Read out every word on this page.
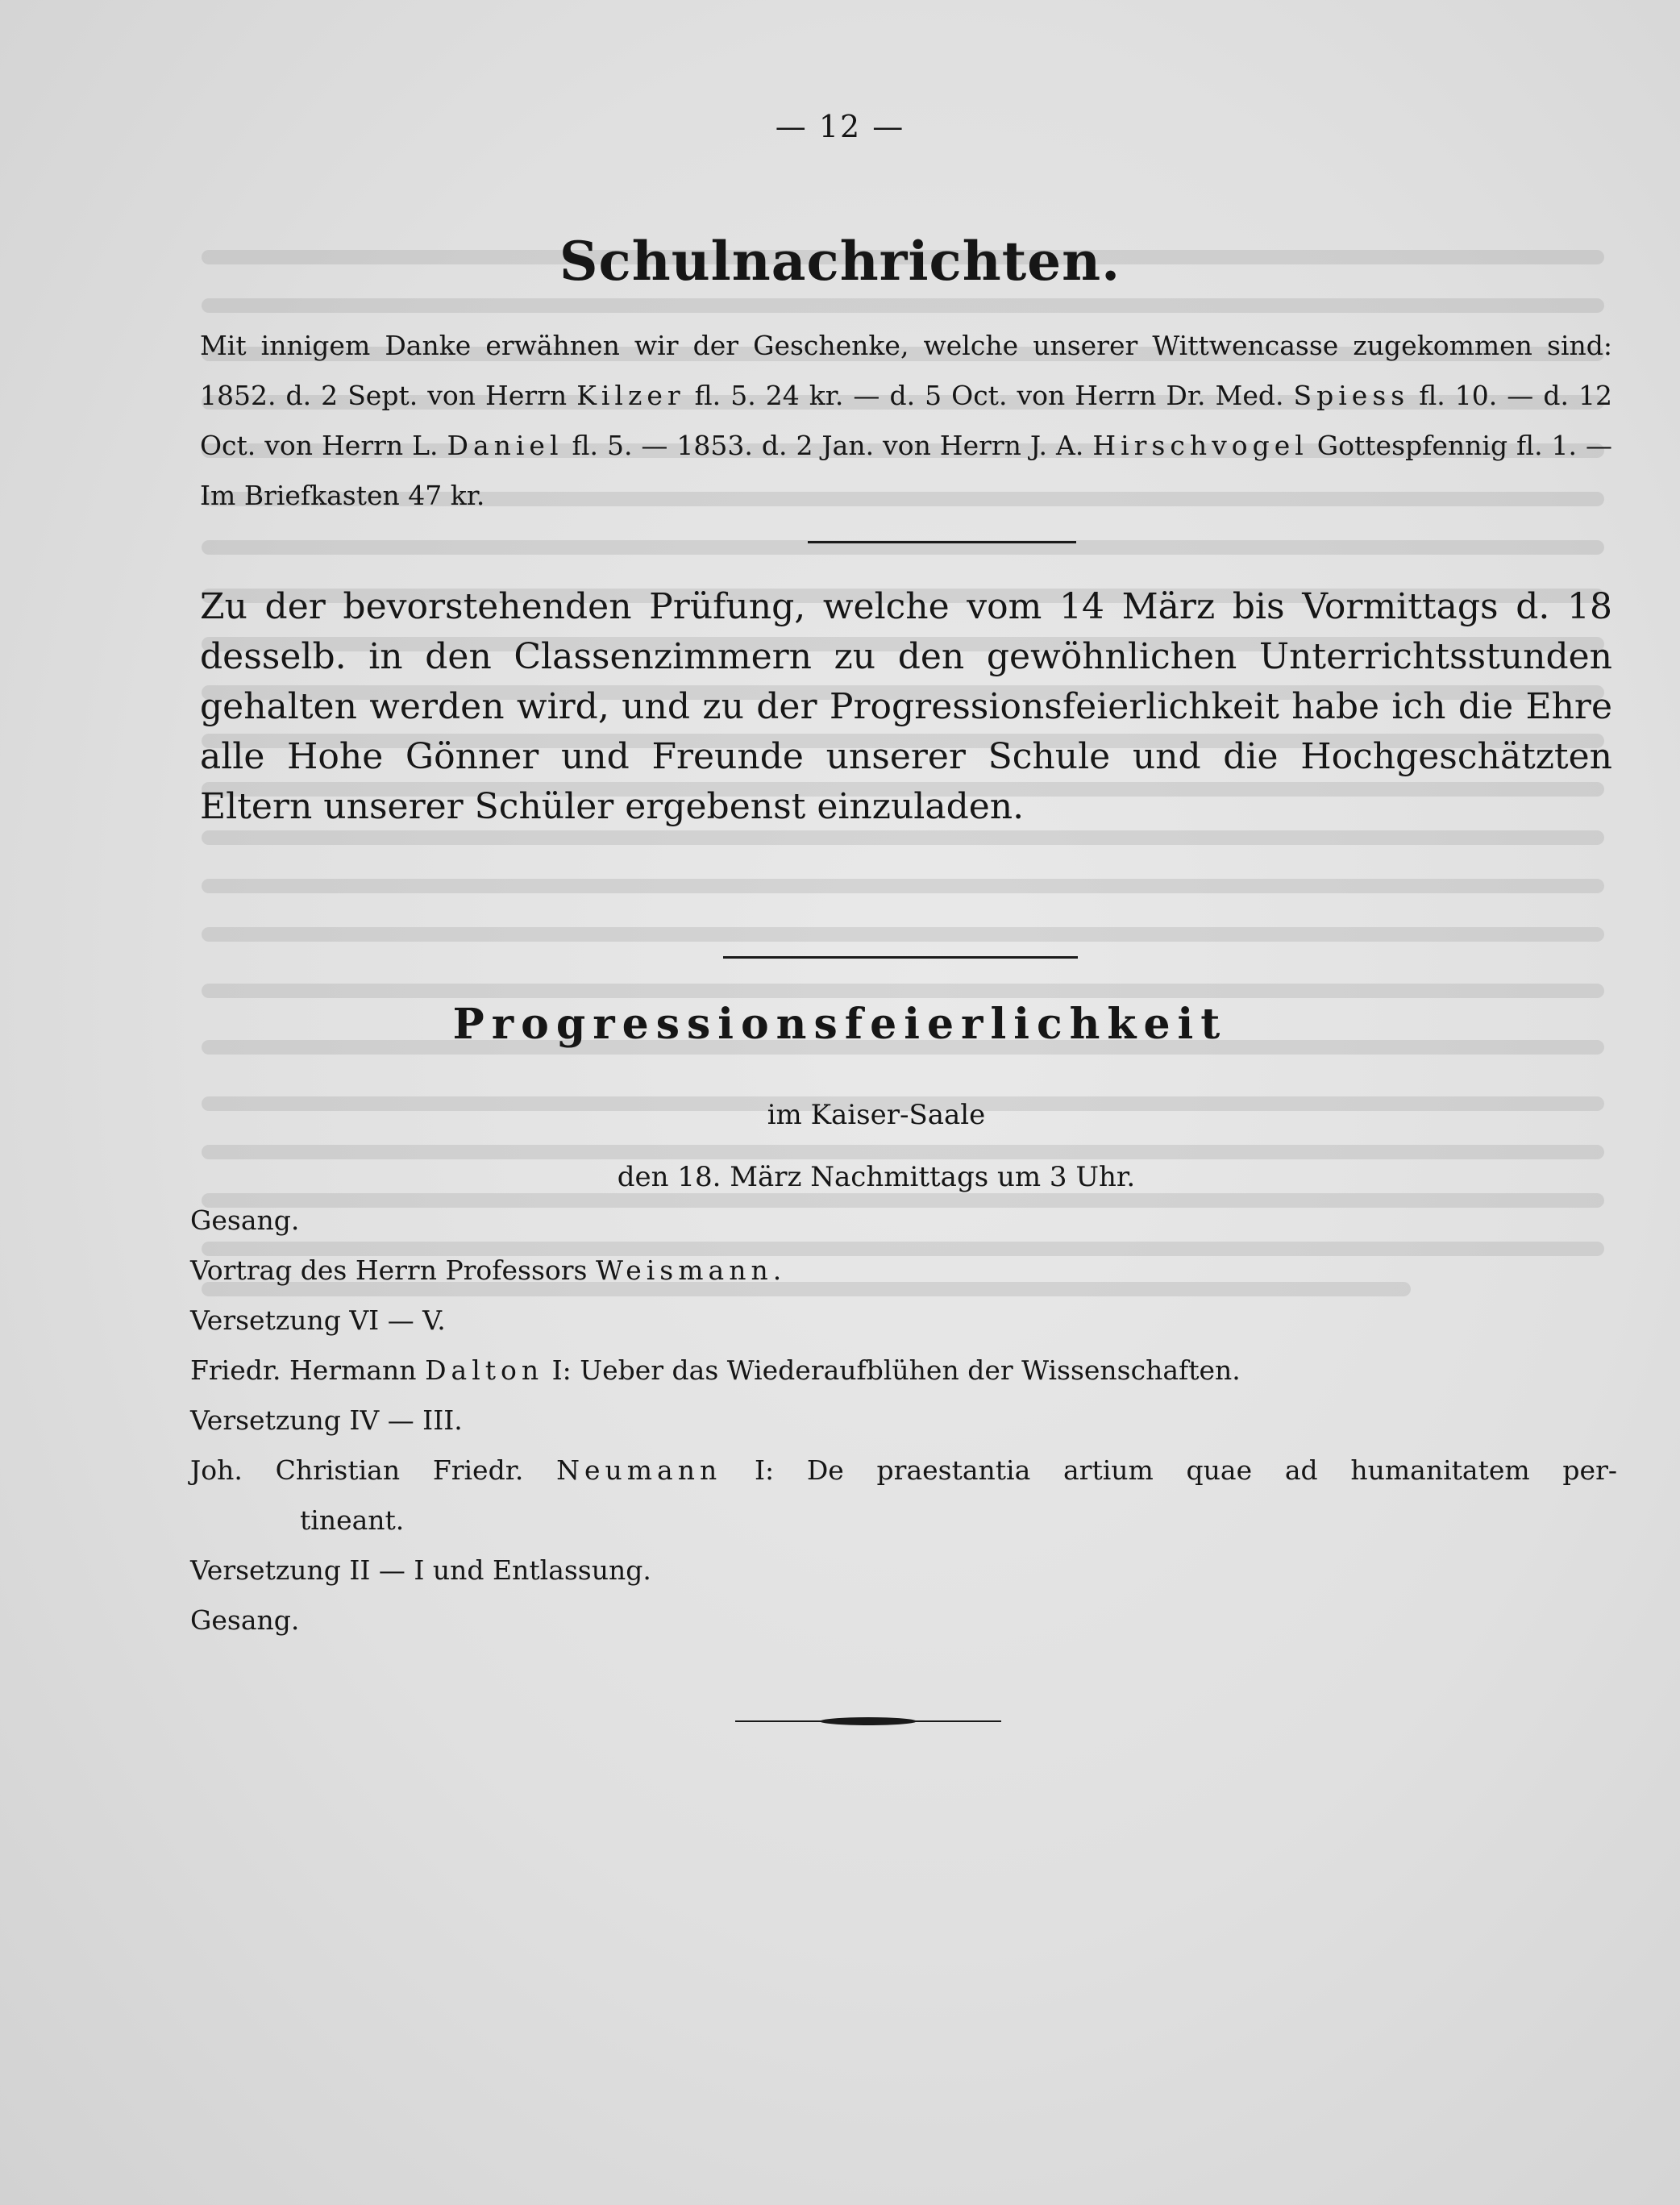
— 12 —
Schulnachrichten.

Mit innigem Danke erwähnen wir der Geschenke, welche unserer Wittwencasse zugekommen sind: 1852. d. 2 Sept. von Herrn Kilzer fl. 5. 24 kr. — d. 5 Oct. von Herrn Dr. Med. Spiess fl. 10. — d. 12 Oct. von Herrn L. Daniel fl. 5. — 1853. d. 2 Jan. von Herrn J. A. Hirschvogel Gottespfennig fl. 1. — Im Briefkasten 47 kr.

Zu der bevorstehenden Prüfung, welche vom 14 März bis Vormittags d. 18 desselb. in den Classenzimmern zu den gewöhnlichen Unterrichtsstunden gehalten werden wird, und zu der Progressionsfeierlichkeit habe ich die Ehre alle Hohe Gönner und Freunde unserer Schule und die Hochgeschätzten Eltern unserer Schüler ergebenst einzuladen.

Progressionsfeierlichkeit
im Kaiser-Saale
den 18. März Nachmittags um 3 Uhr.
Gesang.
Vortrag des Herrn Professors Weismann.
Versetzung VI — V.
Friedr. Hermann Dalton I: Ueber das Wiederaufblühen der Wissenschaften.
Versetzung IV — III.
Joh. Christian Friedr. Neumann I: De praestantia artium quae ad humanitatem per-
tineant.
Versetzung II — I und Entlassung.
Gesang.
